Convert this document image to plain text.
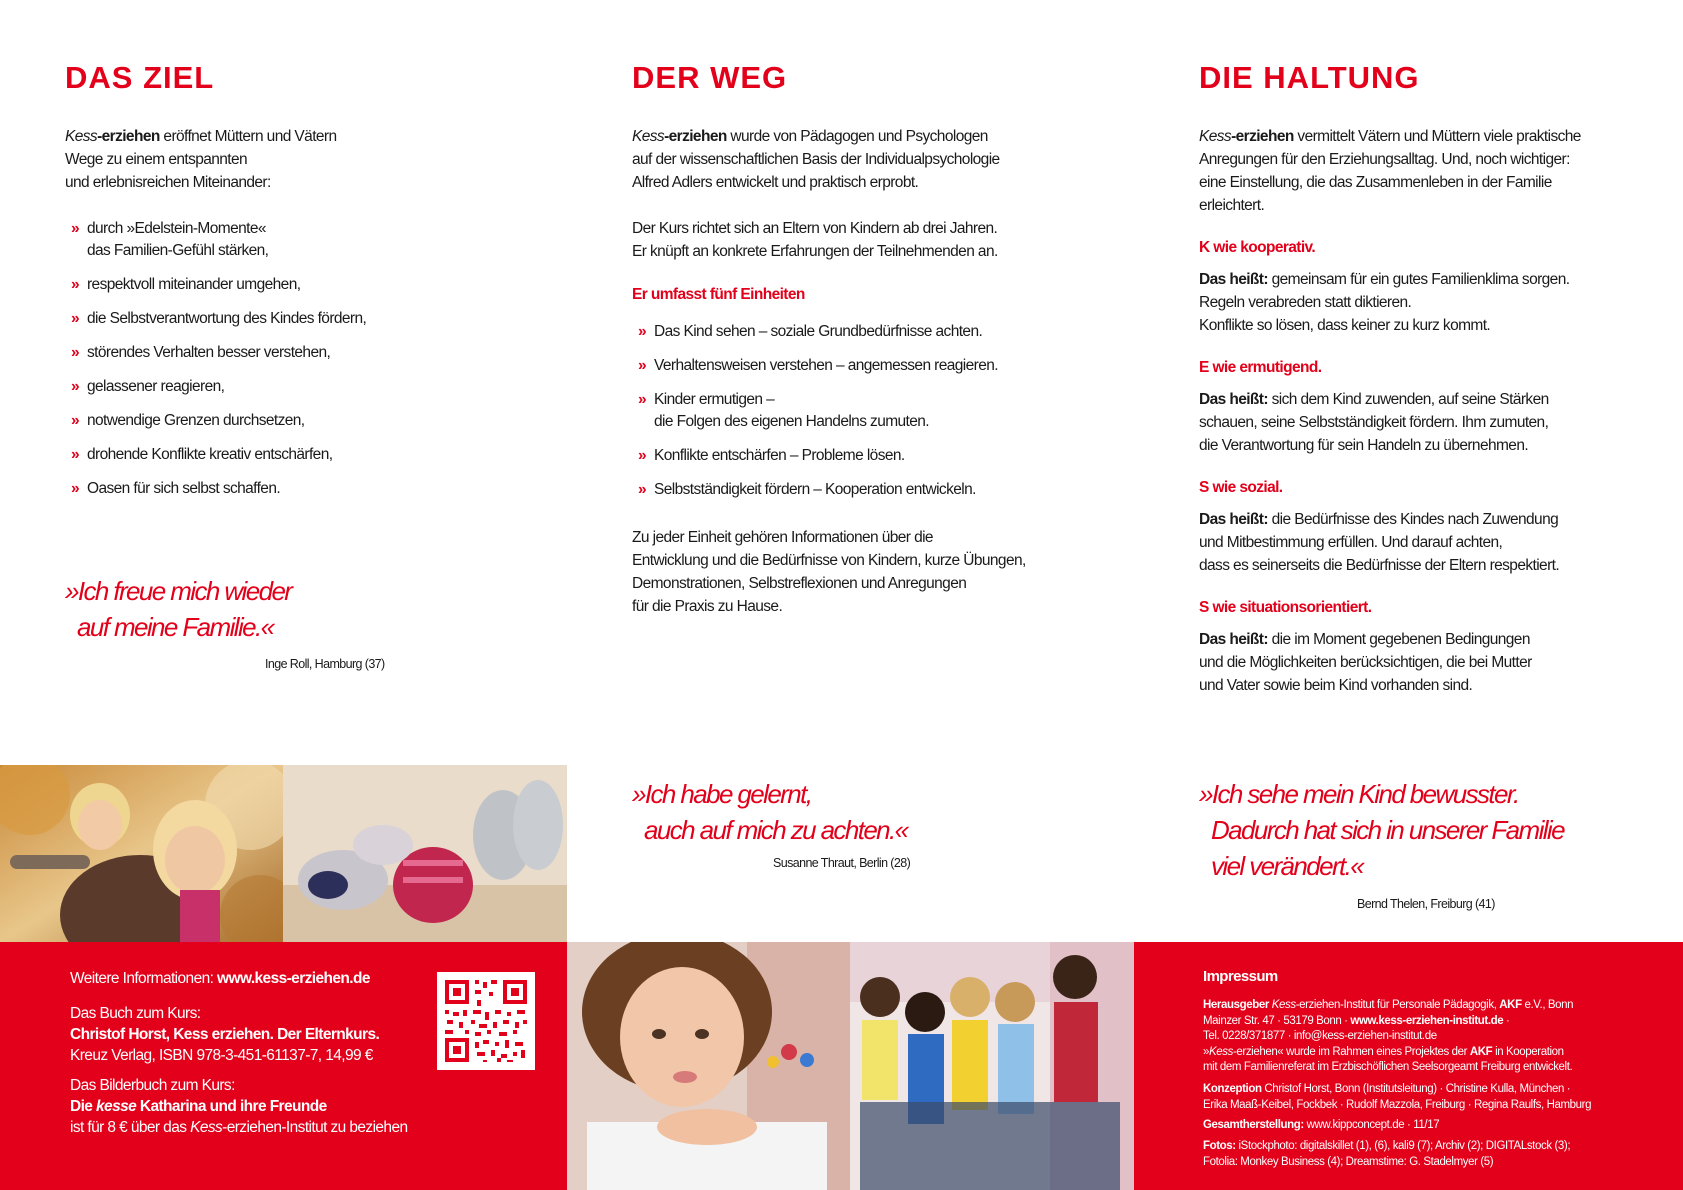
DAS ZIEL

Kess-erziehen eröffnet Müttern und Vätern
Wege zu einem entspannten
und erlebnisreichen Miteinander:

» durch »Edelstein-Momente«
das Familien-Gefühl stärken,
» respektvoll miteinander umgehen,
» die Selbstverantwortung des Kindes fördern,
» störendes Verhalten besser verstehen,
» gelassener reagieren,
» notwendige Grenzen durchsetzen,
» drohende Konflikte kreativ entschärfen,
» Oasen für sich selbst schaffen.

»Ich freue mich wieder
auf meine Familie.«

Inge Roll, Hamburg (37)

DER WEG

Kess-erziehen wurde von Pädagogen und Psychologen
auf der wissenschaftlichen Basis der Individualpsychologie
Alfred Adlers entwickelt und praktisch erprobt.

Der Kurs richtet sich an Eltern von Kindern ab drei Jahren.
Er knüpft an konkrete Erfahrungen der Teilnehmenden an.

Er umfasst fünf Einheiten

» Das Kind sehen – soziale Grundbedürfnisse achten.
» Verhaltensweisen verstehen – angemessen reagieren.
» Kinder ermutigen –
die Folgen des eigenen Handelns zumuten.
» Konflikte entschärfen – Probleme lösen.
» Selbstständigkeit fördern – Kooperation entwickeln.

Zu jeder Einheit gehören Informationen über die
Entwicklung und die Bedürfnisse von Kindern, kurze Übungen,
Demonstrationen, Selbstreflexionen und Anregungen
für die Praxis zu Hause.

DIE HALTUNG

Kess-erziehen vermittelt Vätern und Müttern viele praktische
Anregungen für den Erziehungsalltag. Und, noch wichtiger:
eine Einstellung, die das Zusammenleben in der Familie
erleichtert.

K wie kooperativ.

Das heißt: gemeinsam für ein gutes Familienklima sorgen.
Regeln verabreden statt diktieren.
Konflikte so lösen, dass keiner zu kurz kommt.

E wie ermutigend.

Das heißt: sich dem Kind zuwenden, auf seine Stärken
schauen, seine Selbstständigkeit fördern. Ihm zumuten,
die Verantwortung für sein Handeln zu übernehmen.

S wie sozial.

Das heißt: die Bedürfnisse des Kindes nach Zuwendung
und Mitbestimmung erfüllen. Und darauf achten,
dass es seinerseits die Bedürfnisse der Eltern respektiert.

S wie situationsorientiert.

Das heißt: die im Moment gegebenen Bedingungen
und die Möglichkeiten berücksichtigen, die bei Mutter
und Vater sowie beim Kind vorhanden sind.

»Ich habe gelernt,
auch auf mich zu achten.«

Susanne Thraut, Berlin (28)

»Ich sehe mein Kind bewusster.
Dadurch hat sich in unserer Familie
viel verändert.«

Bernd Thelen, Freiburg (41)

Weitere Informationen: www.kess-erziehen.de

Das Buch zum Kurs:
Christof Horst, Kess erziehen. Der Elternkurs.
Kreuz Verlag, ISBN 978-3-451-61137-7, 14,99 €

Das Bilderbuch zum Kurs:
Die kesse Katharina und ihre Freunde
ist für 8 € über das Kess-erziehen-Institut zu beziehen

Impressum

Herausgeber Kess-erziehen-Institut für Personale Pädagogik, AKF e.V., Bonn
Mainzer Str. 47 · 53179 Bonn · www.kess-erziehen-institut.de ·
Tel. 0228/371877 · info@kess-erziehen-institut.de
»Kess-erziehen« wurde im Rahmen eines Projektes der AKF in Kooperation
mit dem Familienreferat im Erzbischöflichen Seelsorgeamt Freiburg entwickelt.

Konzeption Christof Horst, Bonn (Institutsleitung) · Christine Kulla, München ·
Erika Maaß-Keibel, Fockbek · Rudolf Mazzola, Freiburg · Regina Raulfs, Hamburg

Gesamtherstellung: www.kippconcept.de · 11/17

Fotos: iStockphoto: digitalskillet (1), (6), kali9 (7); Archiv (2); DIGITALstock (3);
Fotolia: Monkey Business (4); Dreamstime: G. Stadelmyer (5)
